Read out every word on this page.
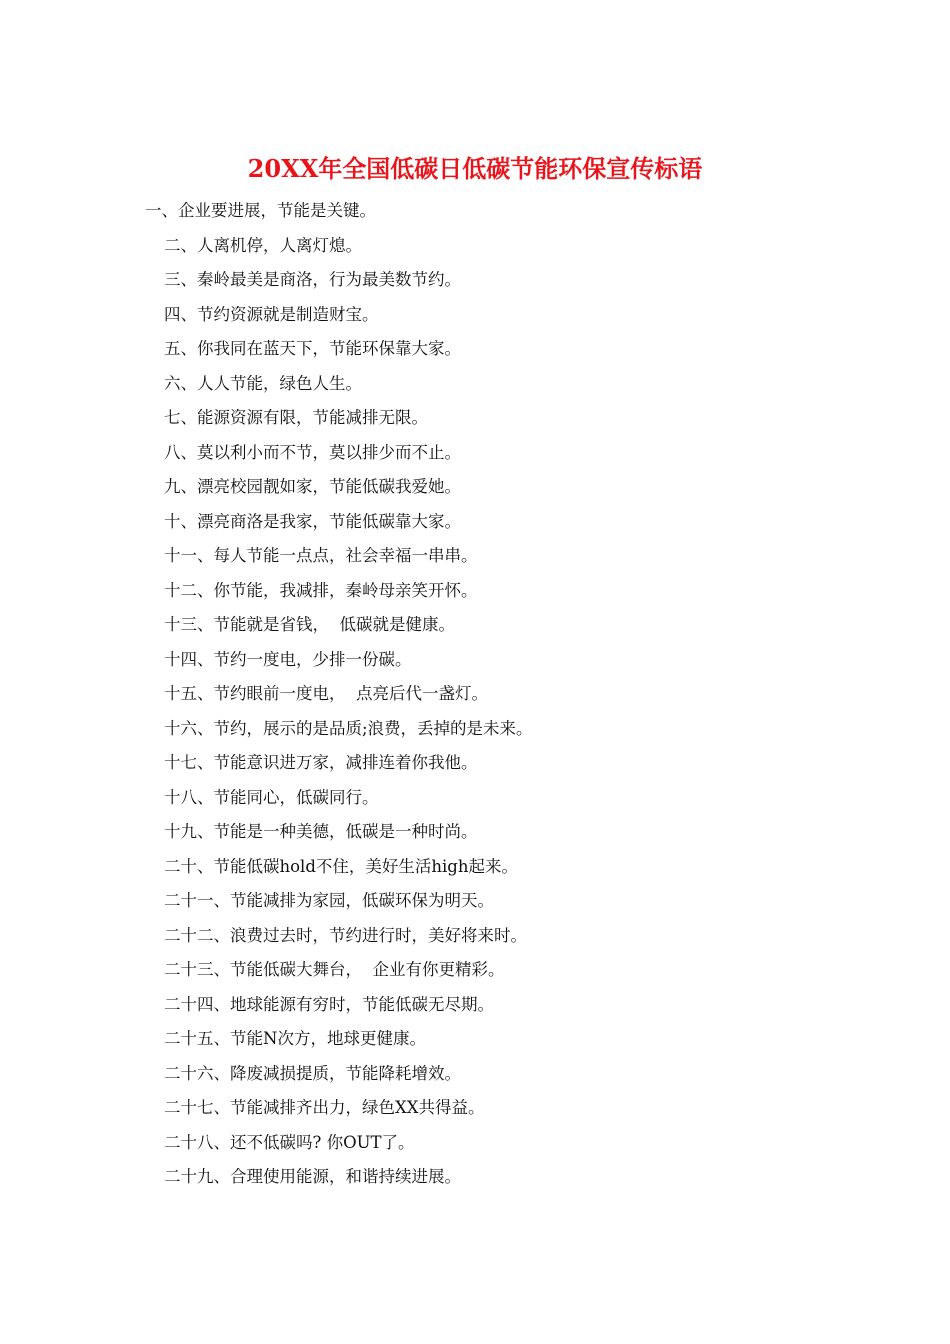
20XX年全国低碳日低碳节能环保宣传标语
一、企业要进展，节能是关键。
二、人离机停，人离灯熄。
三、秦岭最美是商洛，行为最美数节约。
四、节约资源就是制造财宝。
五、你我同在蓝天下，节能环保靠大家。
六、人人节能，绿色人生。
七、能源资源有限，节能减排无限。
八、莫以利小而不节，莫以排少而不止。
九、漂亮校园靓如家，节能低碳我爱她。
十、漂亮商洛是我家，节能低碳靠大家。
十一、每人节能一点点，社会幸福一串串。
十二、你节能，我减排，秦岭母亲笑开怀。
十三、节能就是省钱，  低碳就是健康。
十四、节约一度电，少排一份碳。
十五、节约眼前一度电，  点亮后代一盏灯。
十六、节约，展示的是品质;浪费，丢掉的是未来。
十七、节能意识进万家，减排连着你我他。
十八、节能同心，低碳同行。
十九、节能是一种美德，低碳是一种时尚。
二十、节能低碳hold不住，美好生活high起来。
二十一、节能减排为家园，低碳环保为明天。
二十二、浪费过去时，节约进行时，美好将来时。
二十三、节能低碳大舞台，  企业有你更精彩。
二十四、地球能源有穷时，节能低碳无尽期。
二十五、节能N次方，地球更健康。
二十六、降废减损提质，节能降耗增效。
二十七、节能减排齐出力，绿色XX共得益。
二十八、还不低碳吗? 你OUT了。
二十九、合理使用能源，和谐持续进展。
